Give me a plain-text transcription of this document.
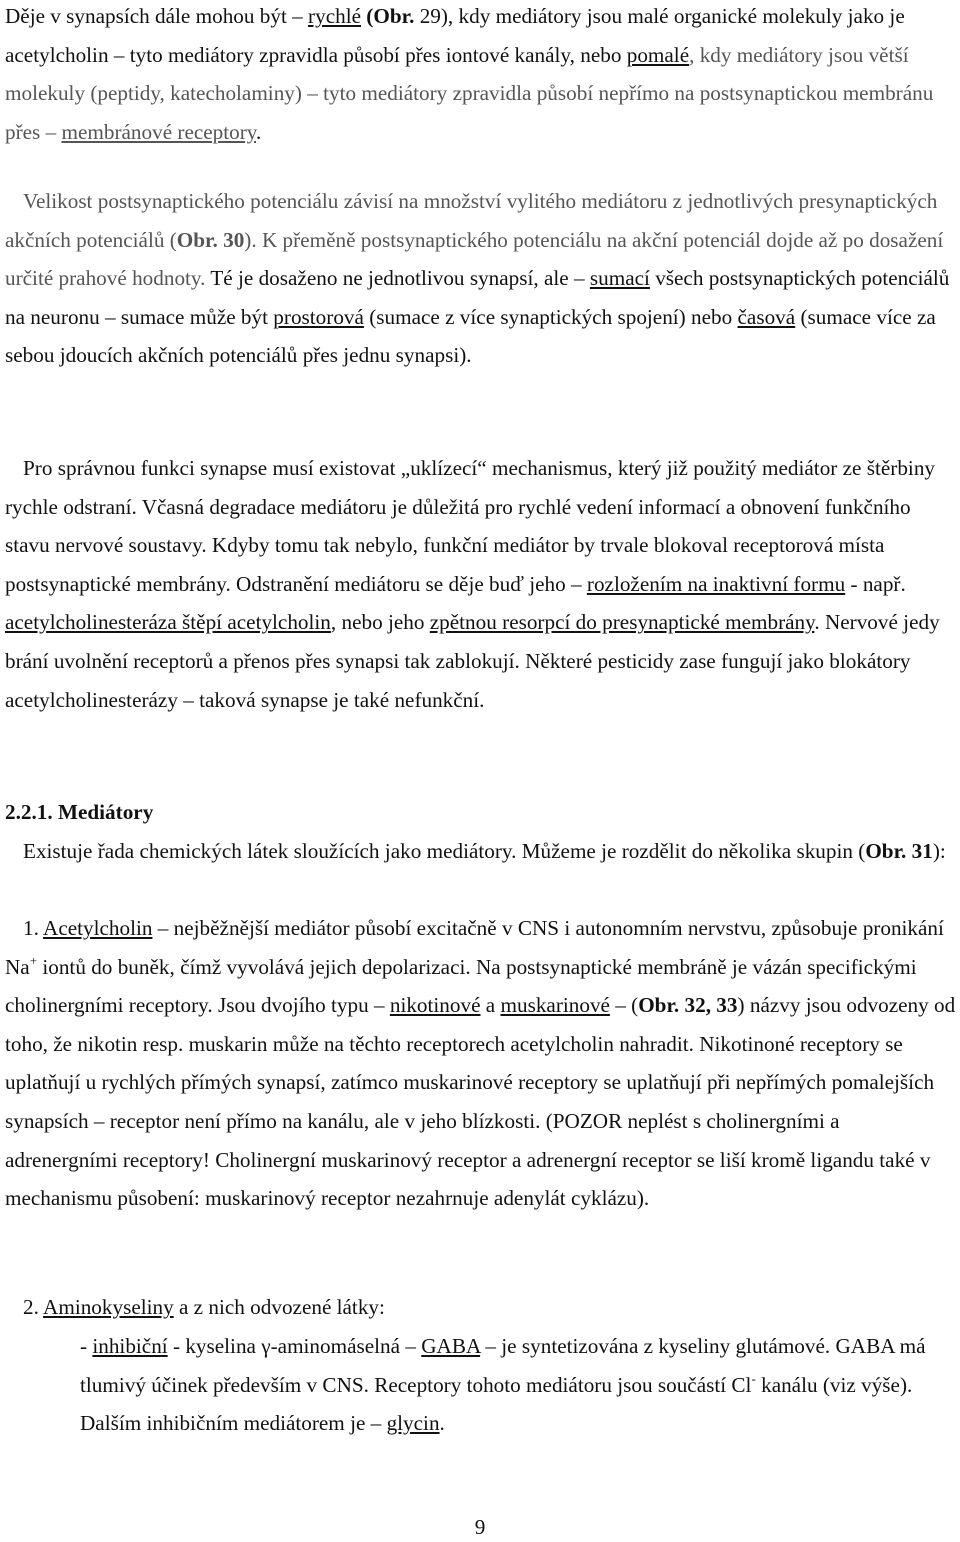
Děje v synapsích dále mohou být – rychlé (Obr. 29), kdy mediátory jsou malé organické molekuly jako je acetylcholin – tyto mediátory zpravidla působí přes iontové kanály, nebo pomalé, kdy mediátory jsou větší molekuly (peptidy, katecholaminy) – tyto mediátory zpravidla působí nepřímo na postsynaptickou membránu přes – membránové receptory.

Velikost postsynaptického potenciálu závisí na množství vylitého mediátoru z jednotlivých presynaptických akčních potenciálů (Obr. 30). K přeměně postsynaptického potenciálu na akční potenciál dojde až po dosažení určité prahové hodnoty. Té je dosaženo ne jednotlivou synapsí, ale – sumací všech postsynaptických potenciálů na neuronu – sumace může být prostorová (sumace z více synaptických spojení) nebo časová (sumace více za sebou jdoucích akčních potenciálů přes jednu synapsi).

Pro správnou funkci synapse musí existovat „uklízecí“ mechanismus, který již použitý mediátor ze štěrbiny rychle odstraní. Včasná degradace mediátoru je důležitá pro rychlé vedení informací a obnovení funkčního stavu nervové soustavy. Kdyby tomu tak nebylo, funkční mediátor by trvale blokoval receptorová místa postsynaptické membrány. Odstranění mediátoru se děje buď jeho – rozložením na inaktivní formu - např. acetylcholinesteráza štěpí acetylcholin, nebo jeho zpětnou resorpcí do presynaptické membrány. Nervové jedy brání uvolnění receptorů a přenos přes synapsi tak zablokují. Některé pesticidy zase fungují jako blokátory acetylcholinesterázy – taková synapse je také nefunkční.

2.2.1. Mediátory

Existuje řada chemických látek sloužících jako mediátory. Můžeme je rozdělit do několika skupin (Obr. 31):

1. Acetylcholin – nejběžnější mediátor působí excitačně v CNS i autonomním nervstvu, způsobuje pronikání Na+ iontů do buněk, čímž vyvolává jejich depolarizaci. Na postsynaptické membráně je vázán specifickými cholinergními receptory. Jsou dvojího typu – nikotinové a muskarinové – (Obr. 32, 33) názvy jsou odvozeny od toho, že nikotin resp. muskarin může na těchto receptorech acetylcholin nahradit. Nikotinoné receptory se uplatňují u rychlých přímých synapsí, zatímco muskarinové receptory se uplatňují při nepřímých pomalejších synapsích – receptor není přímo na kanálu, ale v jeho blízkosti. (POZOR neplést s cholinergními a adrenergními receptory! Cholinergní muskarinový receptor a adrenergní receptor se liší kromě ligandu také v mechanismu působení: muskarinový receptor nezahrnuje adenylát cyklázu).

2. Aminokyseliny a z nich odvozené látky:

- inhibiční - kyselina γ-aminomáselná – GABA – je syntetizována z kyseliny glutámové. GABA má tlumivý účinek především v CNS. Receptory tohoto mediátoru jsou součástí Cl- kanálu (viz výše). Dalším inhibičním mediátorem je – glycin.

9
